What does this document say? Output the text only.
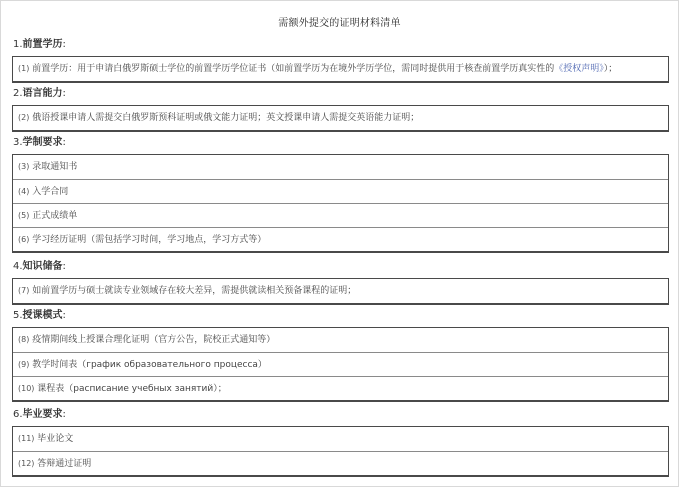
需额外提交的证明材料清单
1.前置学历:
(1) 前置学历：用于申请白俄罗斯硕士学位的前置学历学位证书（如前置学历为在境外学历学位，需同时提供用于核查前置学历真实性的《授权声明》）；
2.语言能力:
(2) 俄语授课申请人需提交白俄罗斯预科证明或俄文能力证明；英文授课申请人需提交英语能力证明；
3.学制要求:
(3) 录取通知书
(4) 入学合同
(5) 正式成绩单
(6) 学习经历证明（需包括学习时间，学习地点，学习方式等）
4.知识储备:
(7) 如前置学历与硕士就读专业领域存在较大差异，需提供就读相关预备课程的证明；
5.授课模式:
(8) 疫情期间线上授课合理化证明（官方公告，院校正式通知等）
(9) 教学时间表（график образовательного процесса）
(10) 课程表（расписание учебных занятий）；
6.毕业要求:
(11) 毕业论文
(12) 答辩通过证明
